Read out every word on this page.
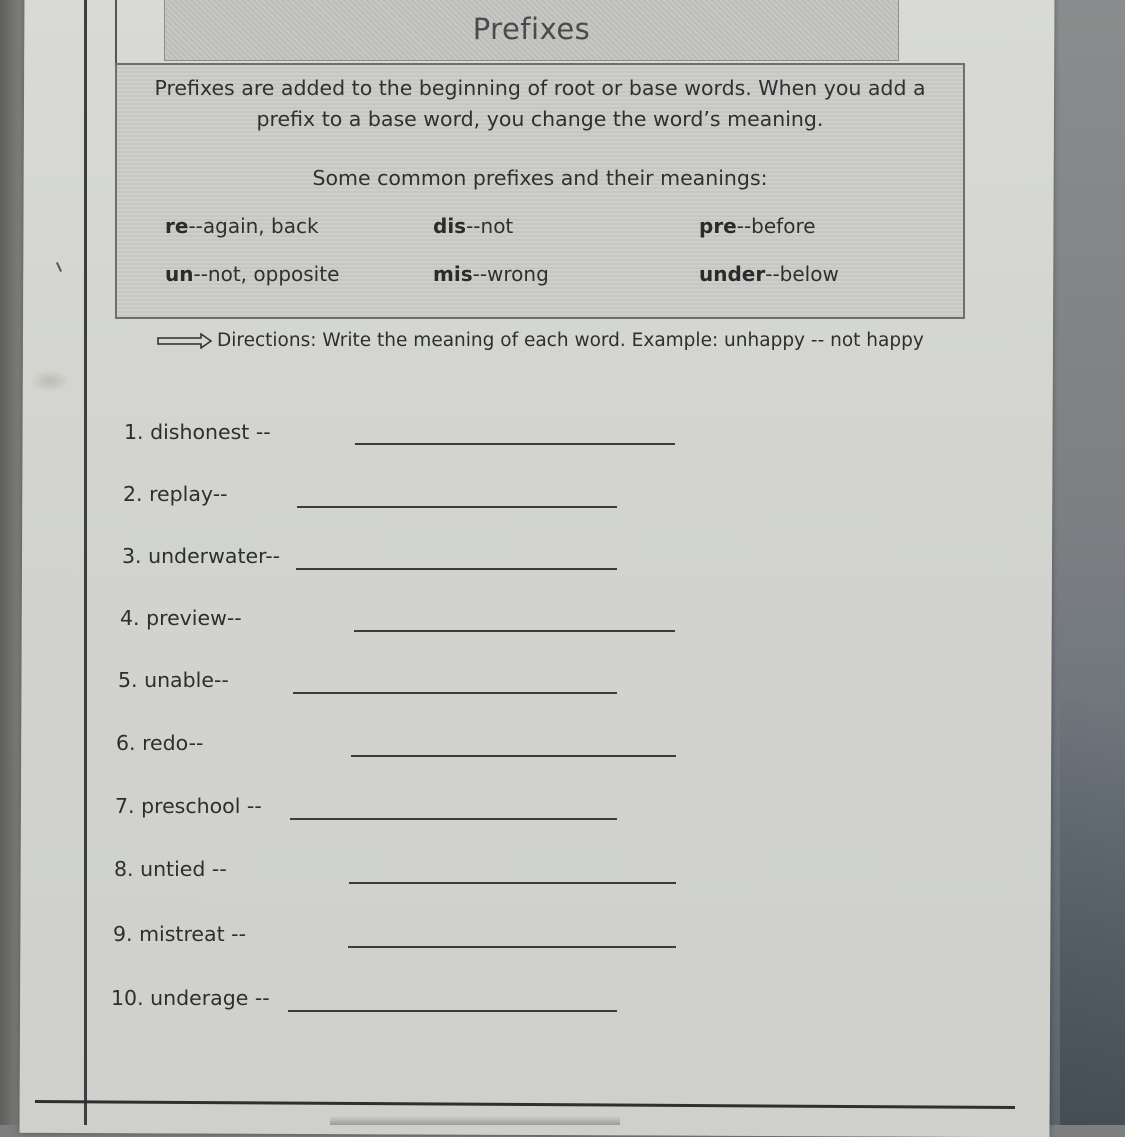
Prefixes
Prefixes are added to the beginning of root or base words. When you add a
prefix to a base word, you change the word’s meaning.
Some common prefixes and their meanings:
re--again, back	dis--not	pre--before
un--not, opposite	mis--wrong	under--below
Directions: Write the meaning of each word. Example: unhappy -- not happy
1. dishonest --
2. replay--
3. underwater--
4. preview--
5. unable--
6. redo--
7. preschool --
8. untied --
9. mistreat --
10. underage --
